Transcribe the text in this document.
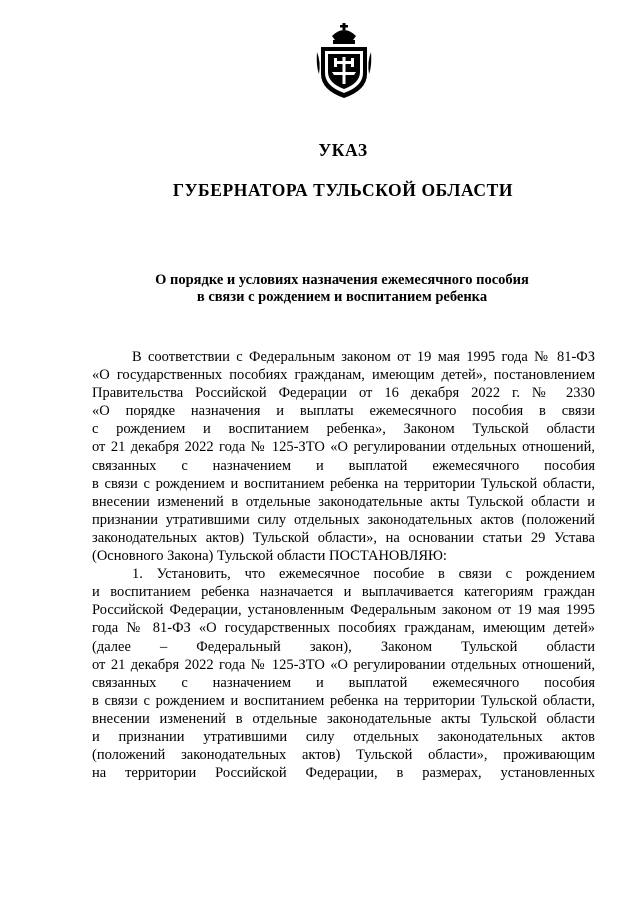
УКАЗ
ГУБЕРНАТОРА ТУЛЬСКОЙ ОБЛАСТИ
О порядке и условиях назначения ежемесячного пособия
в связи с рождением и воспитанием ребенка
В соответствии с Федеральным законом от 19 мая 1995 года № 81-ФЗ
«О государственных пособиях гражданам, имеющим детей», постановлением
Правительства Российской Федерации от 16 декабря 2022 г. № 2330
«О порядке назначения и выплаты ежемесячного пособия в связи
с рождением и воспитанием ребенка», Законом Тульской области
от 21 декабря 2022 года № 125-ЗТО «О регулировании отдельных отношений,
связанных с назначением и выплатой ежемесячного пособия
в связи с рождением и воспитанием ребенка на территории Тульской области,
внесении изменений в отдельные законодательные акты Тульской области и
признании утратившими силу отдельных законодательных актов (положений
законодательных актов) Тульской области», на основании статьи 29 Устава
(Основного Закона) Тульской области ПОСТАНОВЛЯЮ:
1. Установить, что ежемесячное пособие в связи с рождением
и воспитанием ребенка назначается и выплачивается категориям граждан
Российской Федерации, установленным Федеральным законом от 19 мая 1995
года № 81-ФЗ «О государственных пособиях гражданам, имеющим детей»
(далее – Федеральный закон), Законом Тульской области
от 21 декабря 2022 года № 125-ЗТО «О регулировании отдельных отношений,
связанных с назначением и выплатой ежемесячного пособия
в связи с рождением и воспитанием ребенка на территории Тульской области,
внесении изменений в отдельные законодательные акты Тульской области
и признании утратившими силу отдельных законодательных актов
(положений законодательных актов) Тульской области», проживающим
на территории Российской Федерации, в размерах, установленных
